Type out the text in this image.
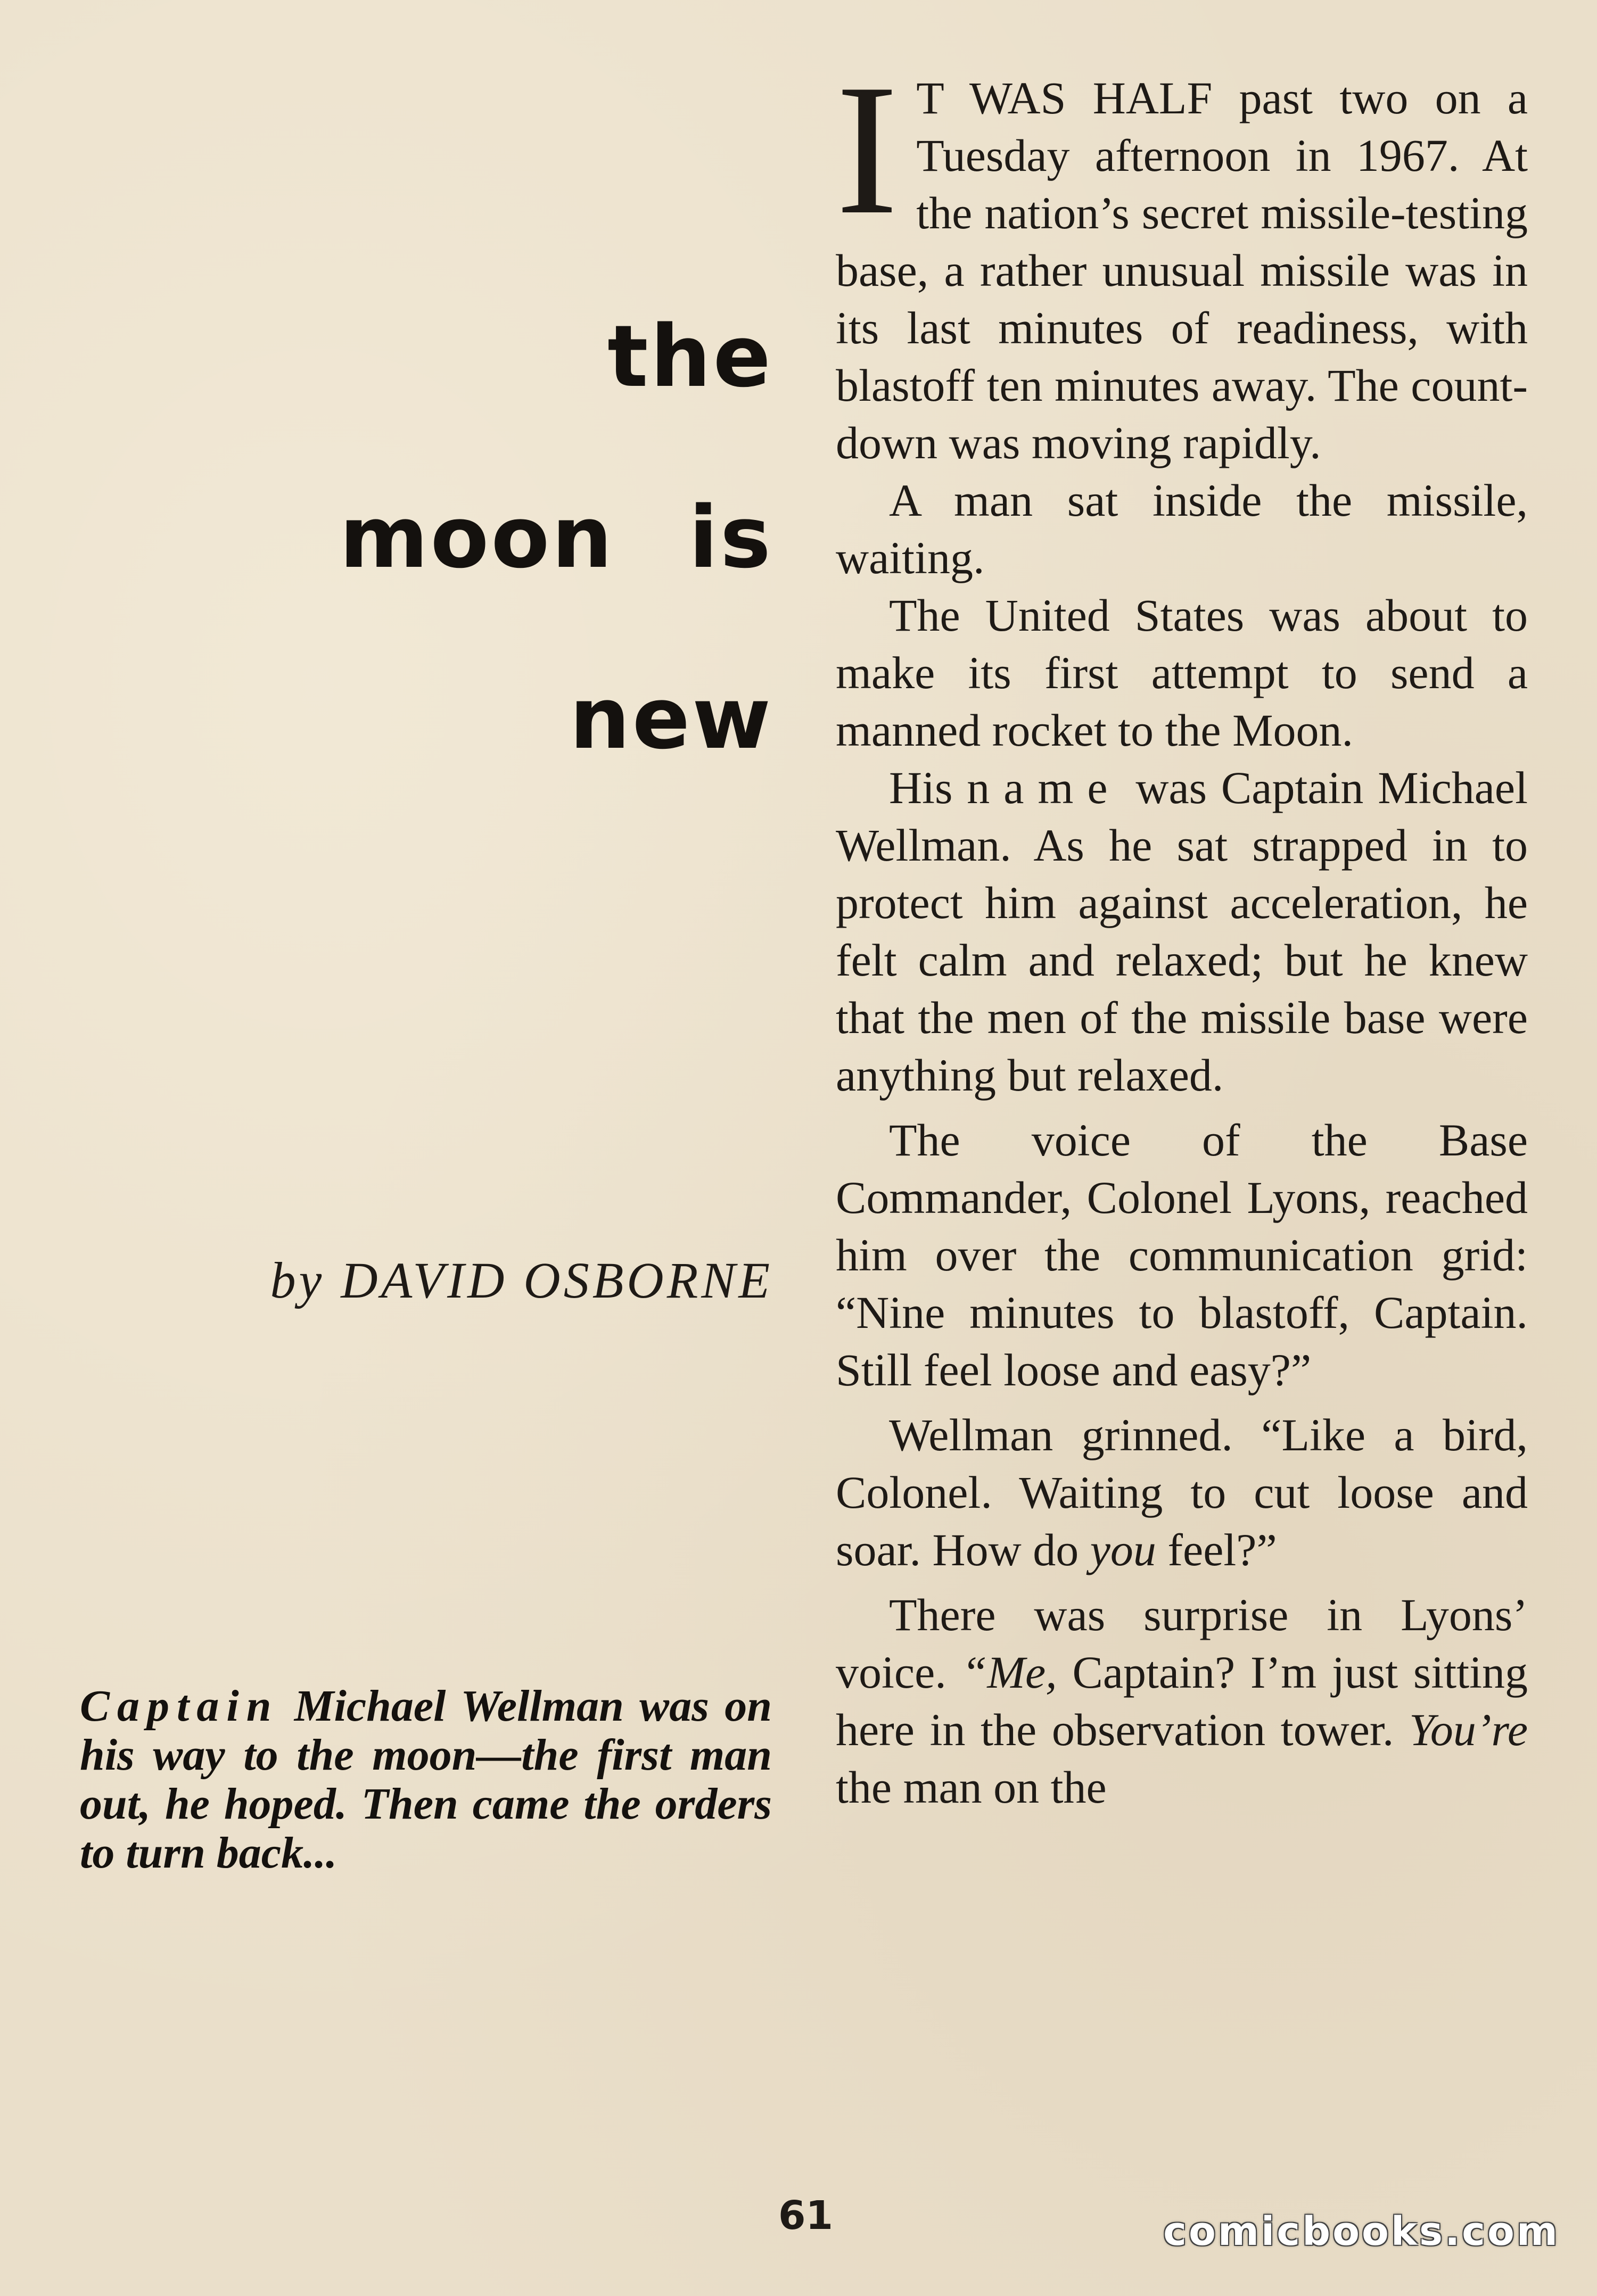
the
moon is
new
by DAVID OSBORNE
Captain Michael Wellman was on his way to the moon—the first man out, he hoped. Then came the orders to turn back...

I T WAS HALF past two on a Tuesday afternoon in 1967. At the nation’s secret missile-testing base, a rather unusual missile was in its last minutes of readiness, with blastoff ten minutes away. The count-down was moving rapidly.

A man sat inside the missile, waiting.

The United States was about to make its first attempt to send a manned rocket to the Moon.

His name was Captain Michael Wellman. As he sat strapped in to protect him against acceleration, he felt calm and relaxed; but he knew that the men of the missile base were anything but relaxed.

The voice of the Base Commander, Colonel Lyons, reached him over the communication grid: “Nine minutes to blastoff, Captain. Still feel loose and easy?”

Wellman grinned. “Like a bird, Colonel. Waiting to cut loose and soar. How do you feel?”

There was surprise in Lyons’ voice. “Me, Captain? I’m just sitting here in the observation tower. You’re the man on the

61	comicbooks.com
